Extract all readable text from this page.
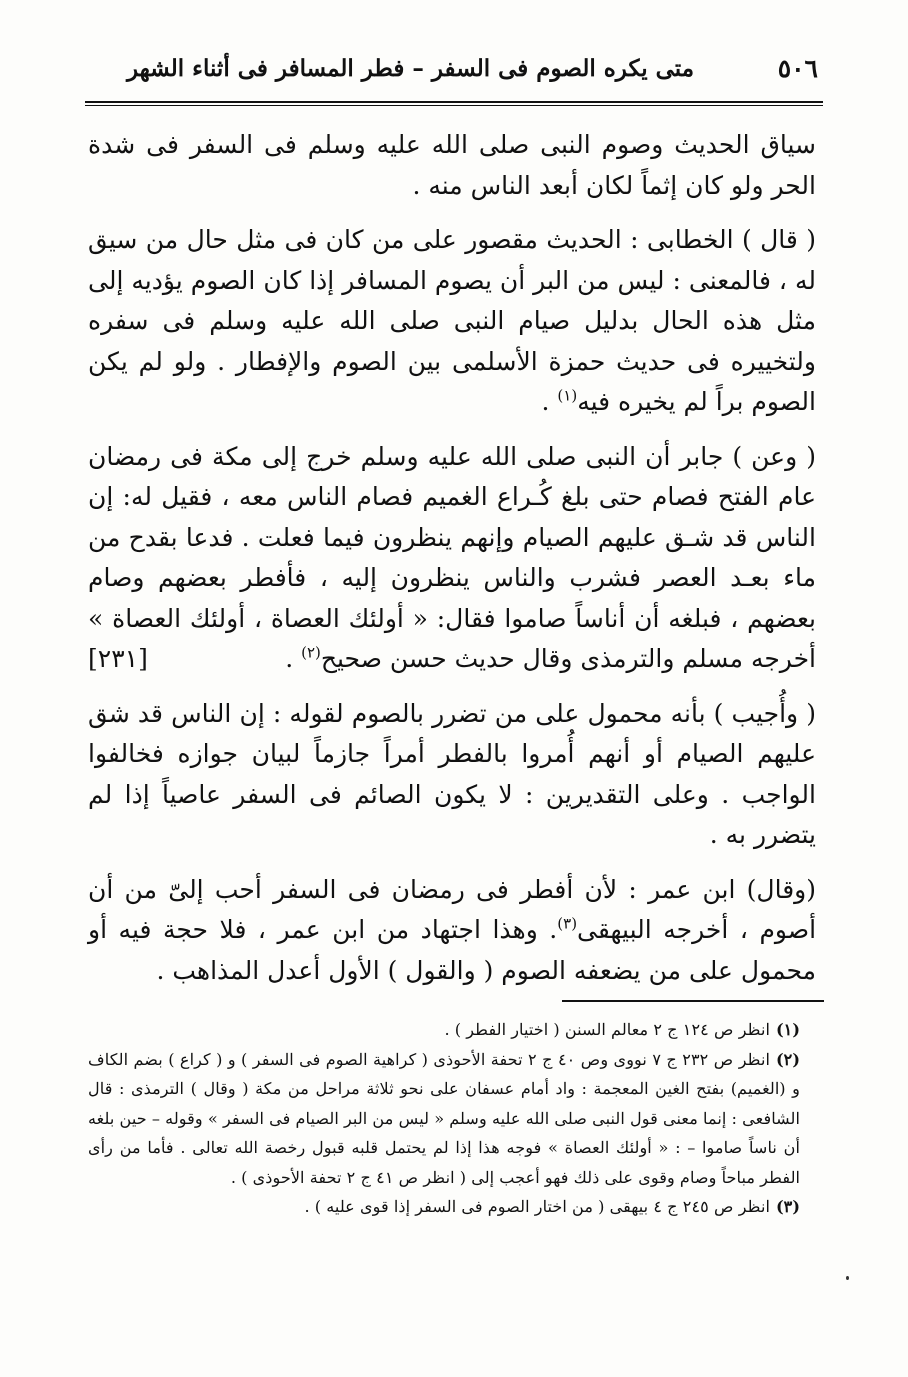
٥٠٦
متى يكره الصوم فى السفر – فطر المسافر فى أثناء الشهر

سياق الحديث وصوم النبى صلى الله عليه وسلم فى السفر فى شدة الحر ولو كان إثماً لكان أبعد الناس منه .

( قال ) الخطابى : الحديث مقصور على من كان فى مثل حال من سيق له ، فالمعنى : ليس من البر أن يصوم المسافر إذا كان الصوم يؤديه إلى مثل هذه الحال بدليل صيام النبى صلى الله عليه وسلم فى سفره ولتخييره فى حديث حمزة الأسلمى بين الصوم والإفطار . ولو لم يكن الصوم براً لم يخيره فيه$^{(١)}$ .

( وعن ) جابر أن النبى صلى الله عليه وسلم خرج إلى مكة فى رمضان عام الفتح فصام حتى بلغ كُـراع الغميم فصام الناس معه ، فقيل له: إن الناس قد شـق عليهم الصيام وإنهم ينظرون فيما فعلت . فدعا بقدح من ماء بعـد العصر فشرب والناس ينظرون إليه ، فأفطر بعضهم وصام بعضهم ، فبلغه أن أناساً صاموا فقال: « أولئك العصاة ، أولئك العصاة » أخرجه مسلم والترمذى وقال حديث حسن صحيح$^{(٢)}$ .
[٢٣١]

( وأُجيب ) بأنه محمول على من تضرر بالصوم لقوله : إن الناس قد شق عليهم الصيام أو أنهم أُمروا بالفطر أمراً جازماً لبيان جوازه فخالفوا الواجب . وعلى التقديرين : لا يكون الصائم فى السفر عاصياً إذا لم يتضرر به .

(وقال) ابن عمر : لأن أفطر فى رمضان فى السفر أحب إلىّ من أن أصوم ، أخرجه البيهقى$^{(٣)}$. وهذا اجتهاد من ابن عمر ، فلا حجة فيه أو محمول على من يضعفه الصوم ( والقول ) الأول أعدل المذاهب .

(١)انظر ص ١٢٤ ج ٢ معالم السنن ( اختيار الفطر ) .

(٢)انظر ص ٢٣٢ ج ٧ نووى وص ٤٠ ج ٢ تحفة الأحوذى ( كراهية الصوم فى السفر ) و ( كراع ) بضم الكاف و (الغميم) بفتح الغين المعجمة : واد أمام عسفان على نحو ثلاثة مراحل من مكة ( وقال ) الترمذى : قال الشافعى : إنما معنى قول النبى صلى الله عليه وسلم « ليس من البر الصيام فى السفر » وقوله – حين بلغه أن ناساً صاموا – : « أولئك العصاة » فوجه هذا إذا لم يحتمل قلبه قبول رخصة الله تعالى . فأما من رأى الفطر مباحاً وصام وقوى على ذلك فهو أعجب إلى ( انظر ص ٤١ ج ٢ تحفة الأحوذى ) .

(٣)انظر ص ٢٤٥ ج ٤ بيهقى ( من اختار الصوم فى السفر إذا قوى عليه ) .
